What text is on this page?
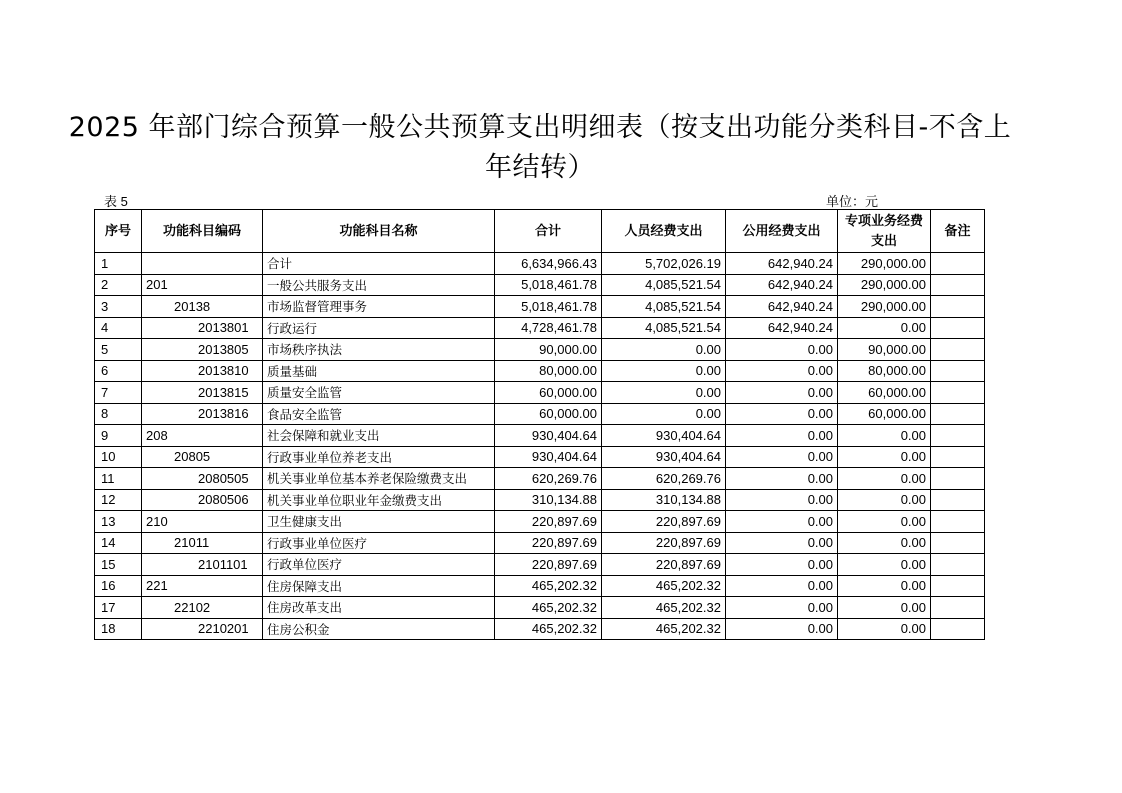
2025 年部门综合预算一般公共预算支出明细表（按支出功能分类科目-不含上年结转）
表 5	单位：元
序号	功能科目编码	功能科目名称	合计	人员经费支出	公用经费支出	专项业务经费支出	备注
1		合计	6,634,966.43	5,702,026.19	642,940.24	290,000.00	
2	201	一般公共服务支出	5,018,461.78	4,085,521.54	642,940.24	290,000.00	
3	20138	市场监督管理事务	5,018,461.78	4,085,521.54	642,940.24	290,000.00	
4	2013801	行政运行	4,728,461.78	4,085,521.54	642,940.24	0.00	
5	2013805	市场秩序执法	90,000.00	0.00	0.00	90,000.00	
6	2013810	质量基础	80,000.00	0.00	0.00	80,000.00	
7	2013815	质量安全监管	60,000.00	0.00	0.00	60,000.00	
8	2013816	食品安全监管	60,000.00	0.00	0.00	60,000.00	
9	208	社会保障和就业支出	930,404.64	930,404.64	0.00	0.00	
10	20805	行政事业单位养老支出	930,404.64	930,404.64	0.00	0.00	
11	2080505	机关事业单位基本养老保险缴费支出	620,269.76	620,269.76	0.00	0.00	
12	2080506	机关事业单位职业年金缴费支出	310,134.88	310,134.88	0.00	0.00	
13	210	卫生健康支出	220,897.69	220,897.69	0.00	0.00	
14	21011	行政事业单位医疗	220,897.69	220,897.69	0.00	0.00	
15	2101101	行政单位医疗	220,897.69	220,897.69	0.00	0.00	
16	221	住房保障支出	465,202.32	465,202.32	0.00	0.00	
17	22102	住房改革支出	465,202.32	465,202.32	0.00	0.00	
18	2210201	住房公积金	465,202.32	465,202.32	0.00	0.00	
